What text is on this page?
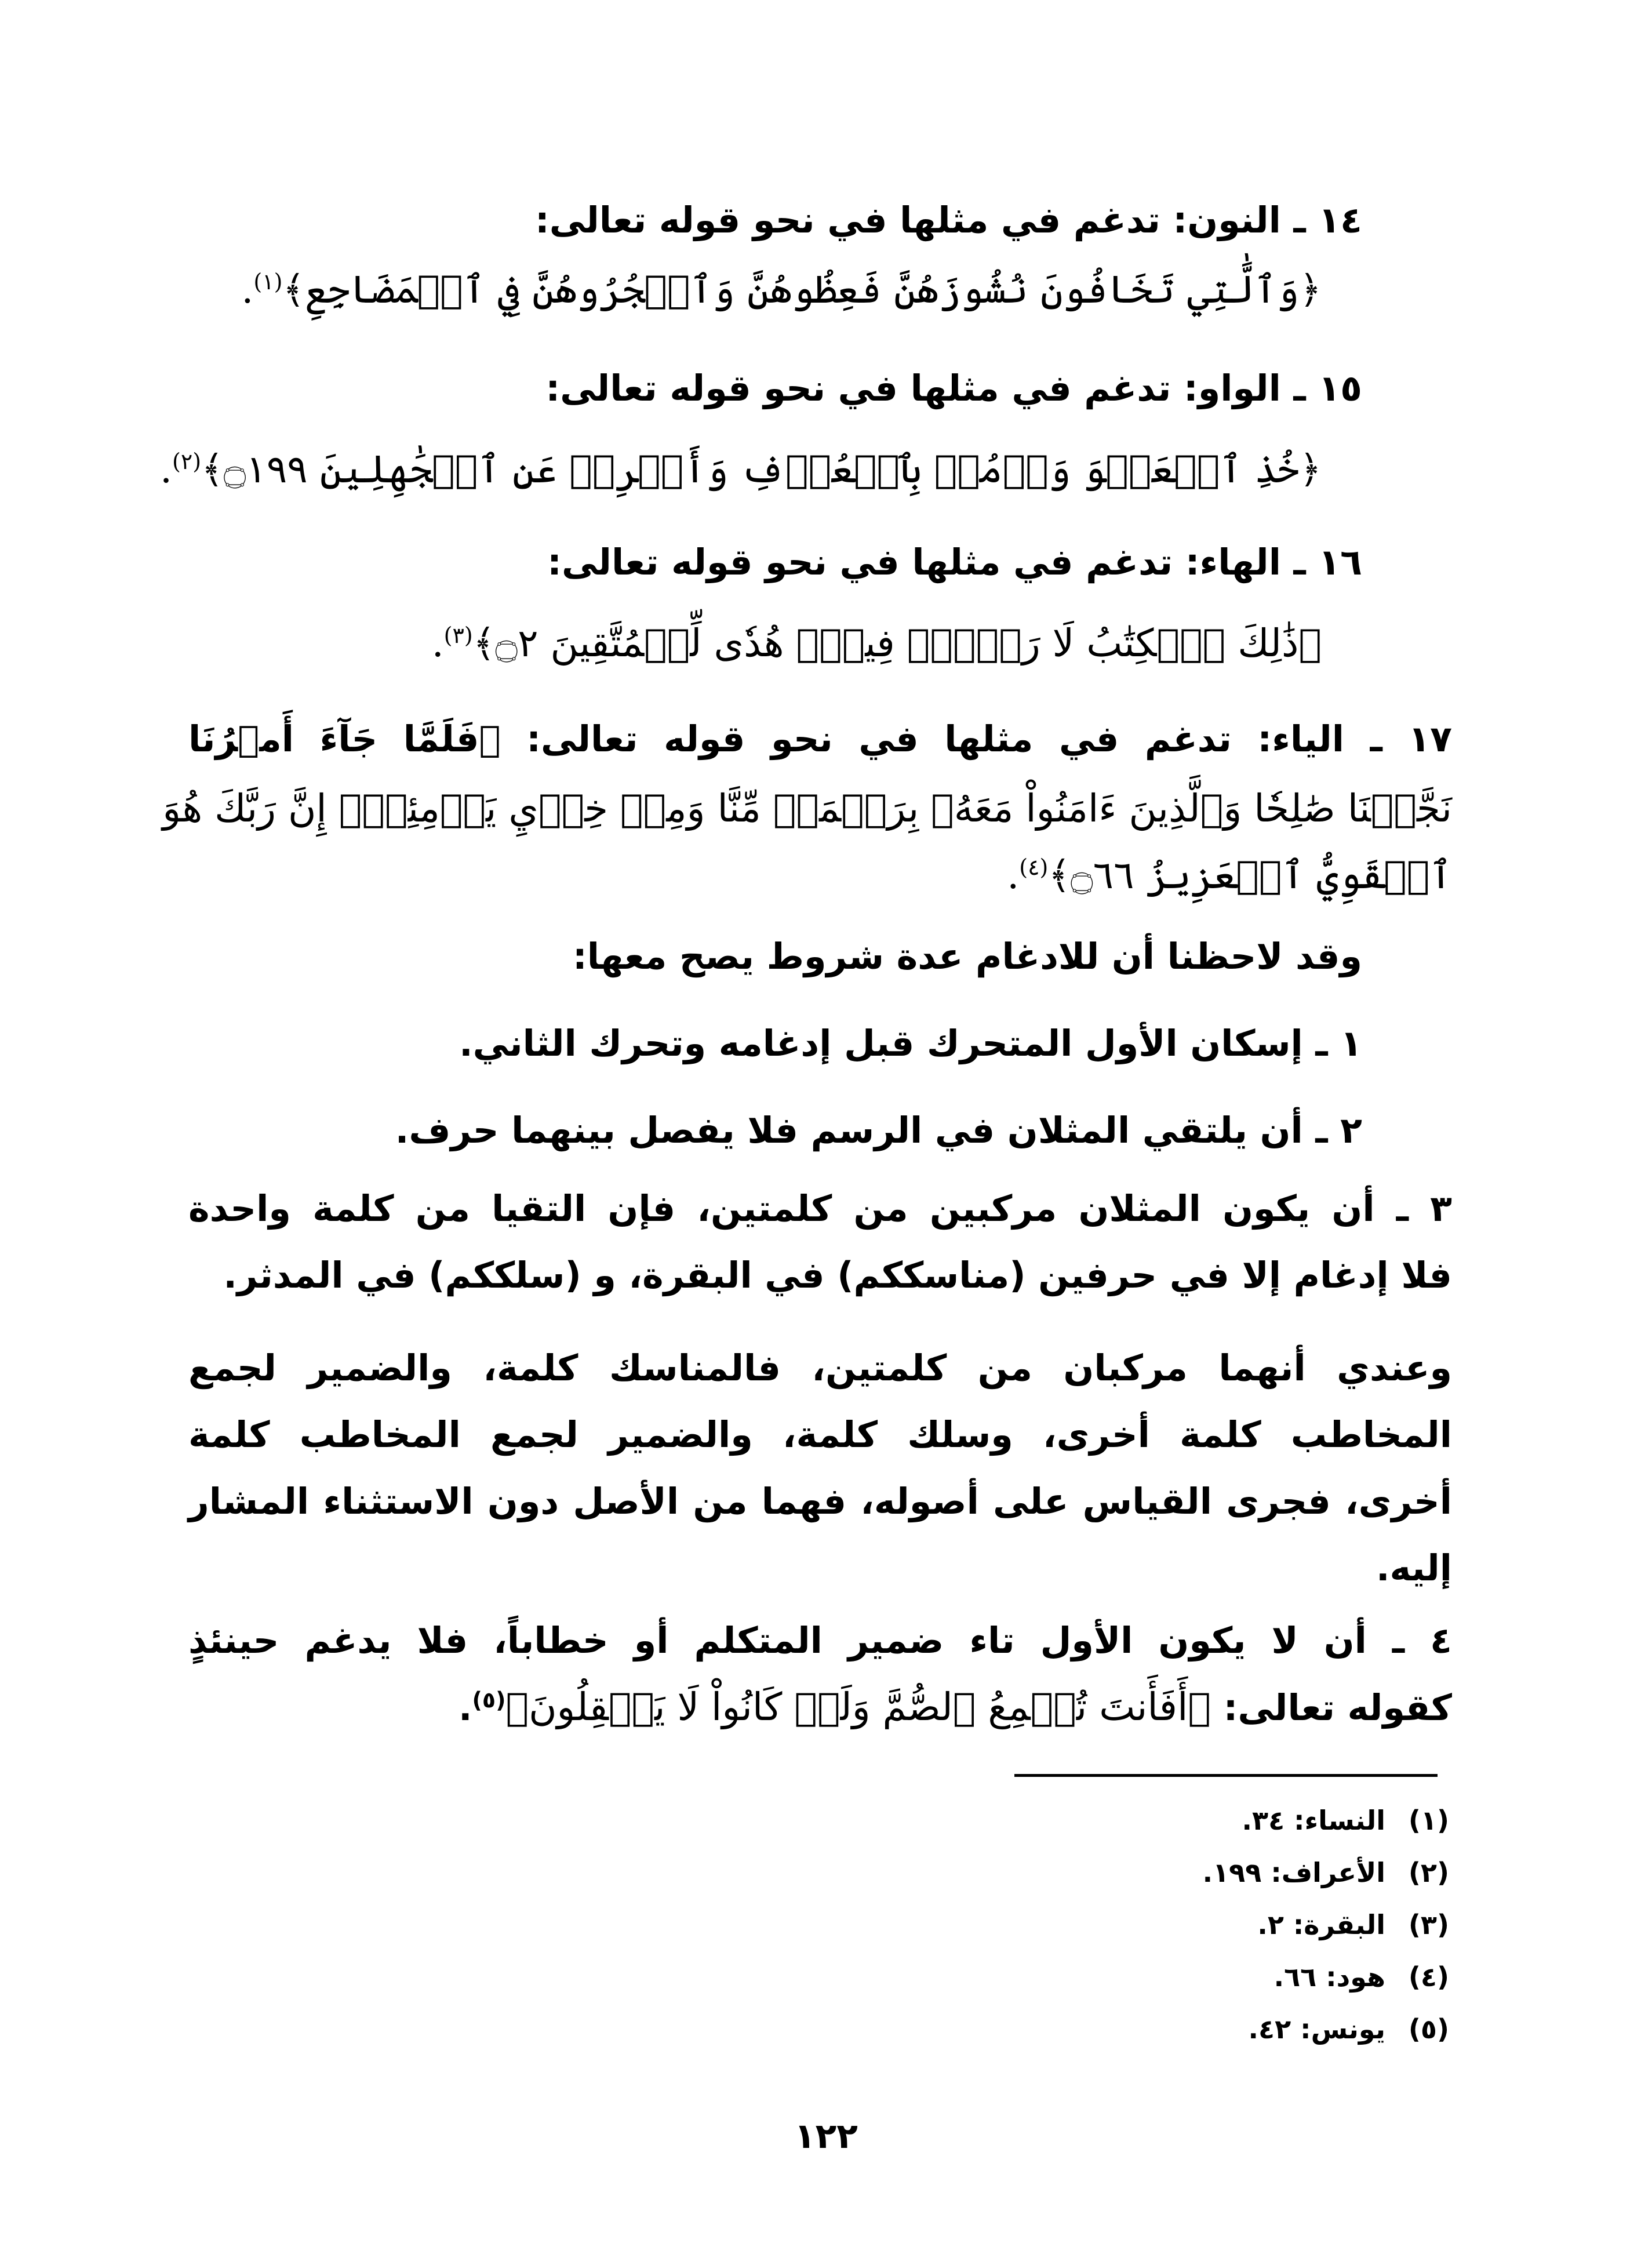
١٤ ـ النون: تدغم في مثلها في نحو قوله تعالى:
﴿وَٱلَّٰتِي تَخَافُونَ نُشُوزَهُنَّ فَعِظُوهُنَّ وَٱهۡجُرُوهُنَّ فِي ٱلۡمَضَاجِعِ﴾$^{(١)}$.
١٥ ـ الواو: تدغم في مثلها في نحو قوله تعالى:
﴿خُذِ ٱلۡعَفۡوَ وَأۡمُرۡ بِٱلۡعُرۡفِ وَأَعۡرِضۡ عَنِ ٱلۡجَٰهِلِينَ ۝١٩٩﴾$^{(٢)}$.
١٦ ـ الهاء: تدغم في مثلها في نحو قوله تعالى:
﴿ذَٰلِكَ ٱلۡكِتَٰبُ لَا رَيۡبَۛ فِيهِۛ هُدٗى لِّلۡمُتَّقِينَ ۝٢﴾$^{(٣)}$.
١٧ ـ الياء: تدغم في مثلها في نحو قوله تعالى: ﴿فَلَمَّا جَآءَ أَمۡرُنَا
نَجَّيۡنَا صَٰلِحٗا وَٱلَّذِينَ ءَامَنُواْ مَعَهُۥ بِرَحۡمَةٖ مِّنَّا وَمِنۡ خِزۡيِ يَوۡمِئِذٍۚ إِنَّ رَبَّكَ هُوَ
ٱلۡقَوِيُّ ٱلۡعَزِيزُ ۝٦٦﴾$^{(٤)}$.
وقد لاحظنا أن للادغام عدة شروط يصح معها:
١ ـ إسكان الأول المتحرك قبل إدغامه وتحرك الثاني.
٢ ـ أن يلتقي المثلان في الرسم فلا يفصل بينهما حرف.
٣ ـ أن يكون المثلان مركبين من كلمتين، فإن التقيا من كلمة واحدة
فلا إدغام إلا في حرفين (مناسككم) في البقرة، و (سلككم) في المدثر.
وعندي أنهما مركبان من كلمتين، فالمناسك كلمة، والضمير لجمع
المخاطب كلمة أخرى، وسلك كلمة، والضمير لجمع المخاطب كلمة
أخرى، فجرى القياس على أصوله، فهما من الأصل دون الاستثناء المشار
إليه.
٤ ـ أن لا يكون الأول تاء ضمير المتكلم أو خطاباً، فلا يدغم حينئذٍ
كقوله تعالى: ﴿أَفَأَنتَ تُسۡمِعُ ٱلصُّمَّ وَلَوۡ كَانُواْ لَا يَعۡقِلُونَ﴾$^{(٥)}$.
(١)النساء: ٣٤.
(٢)الأعراف: ١٩٩.
(٣)البقرة: ٢.
(٤)هود: ٦٦.
(٥)يونس: ٤٢.
١٢٢
